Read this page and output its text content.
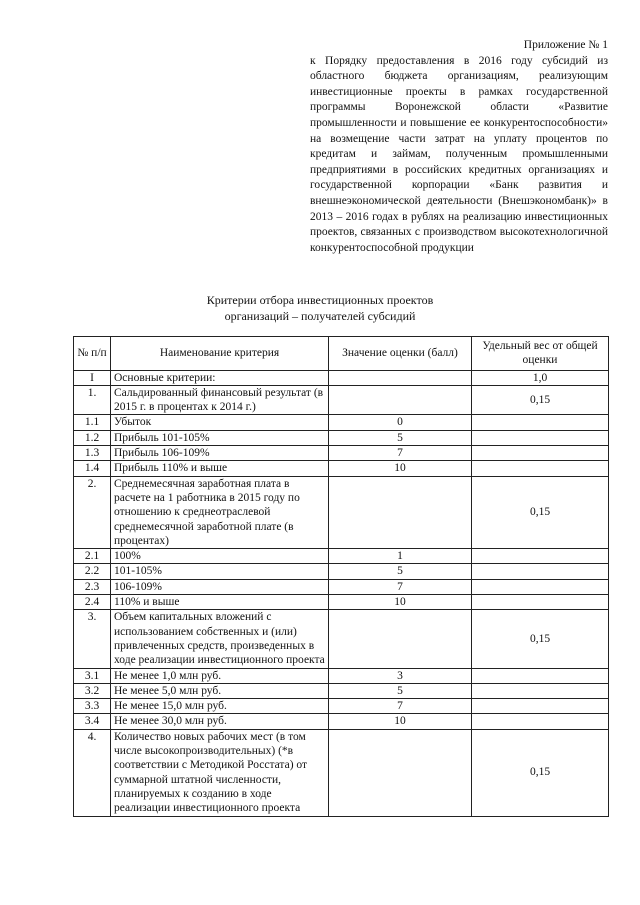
Приложение № 1
к Порядку предоставления в 2016 году субсидий из областного бюджета организациям, реализующим инвестиционные проекты в рамках государственной программы Воронежской области «Развитие промышленности и повышение ее конкурентоспособности» на возмещение части затрат на уплату процентов по кредитам и займам, полученным промышленными предприятиями в российских кредитных организациях и государственной корпорации «Банк развития и внешнеэкономической деятельности (Внешэкономбанк)» в 2013 – 2016 годах в рублях на реализацию инвестиционных проектов, связанных с производством высокотехнологичной конкурентоспособной продукции
Критерии отбора инвестиционных проектов
организаций – получателей субсидий
№ п/п	Наименование критерия	Значение оценки (балл)	Удельный вес от общей оценки
I	Основные критерии:		1,0
1.	Сальдированный финансовый результат (в 2015 г. в процентах к 2014 г.)		0,15
1.1	Убыток	0	
1.2	Прибыль 101-105%	5	
1.3	Прибыль 106-109%	7	
1.4	Прибыль 110% и выше	10	
2.	Среднемесячная заработная плата в расчете на 1 работника в 2015 году по отношению к среднеотраслевой среднемесячной заработной плате (в процентах)		0,15
2.1	100%	1	
2.2	101-105%	5	
2.3	106-109%	7	
2.4	110% и выше	10	
3.	Объем капитальных вложений с использованием собственных и (или) привлеченных средств, произведенных в ходе реализации инвестиционного проекта		0,15
3.1	Не менее 1,0 млн руб.	3	
3.2	Не менее 5,0 млн руб.	5	
3.3	Не менее 15,0 млн руб.	7	
3.4	Не менее 30,0 млн руб.	10	
4.	Количество новых рабочих мест (в том числе высокопроизводительных) (*в соответствии с Методикой Росстата) от суммарной штатной численности, планируемых к созданию в ходе реализации инвестиционного проекта		0,15
